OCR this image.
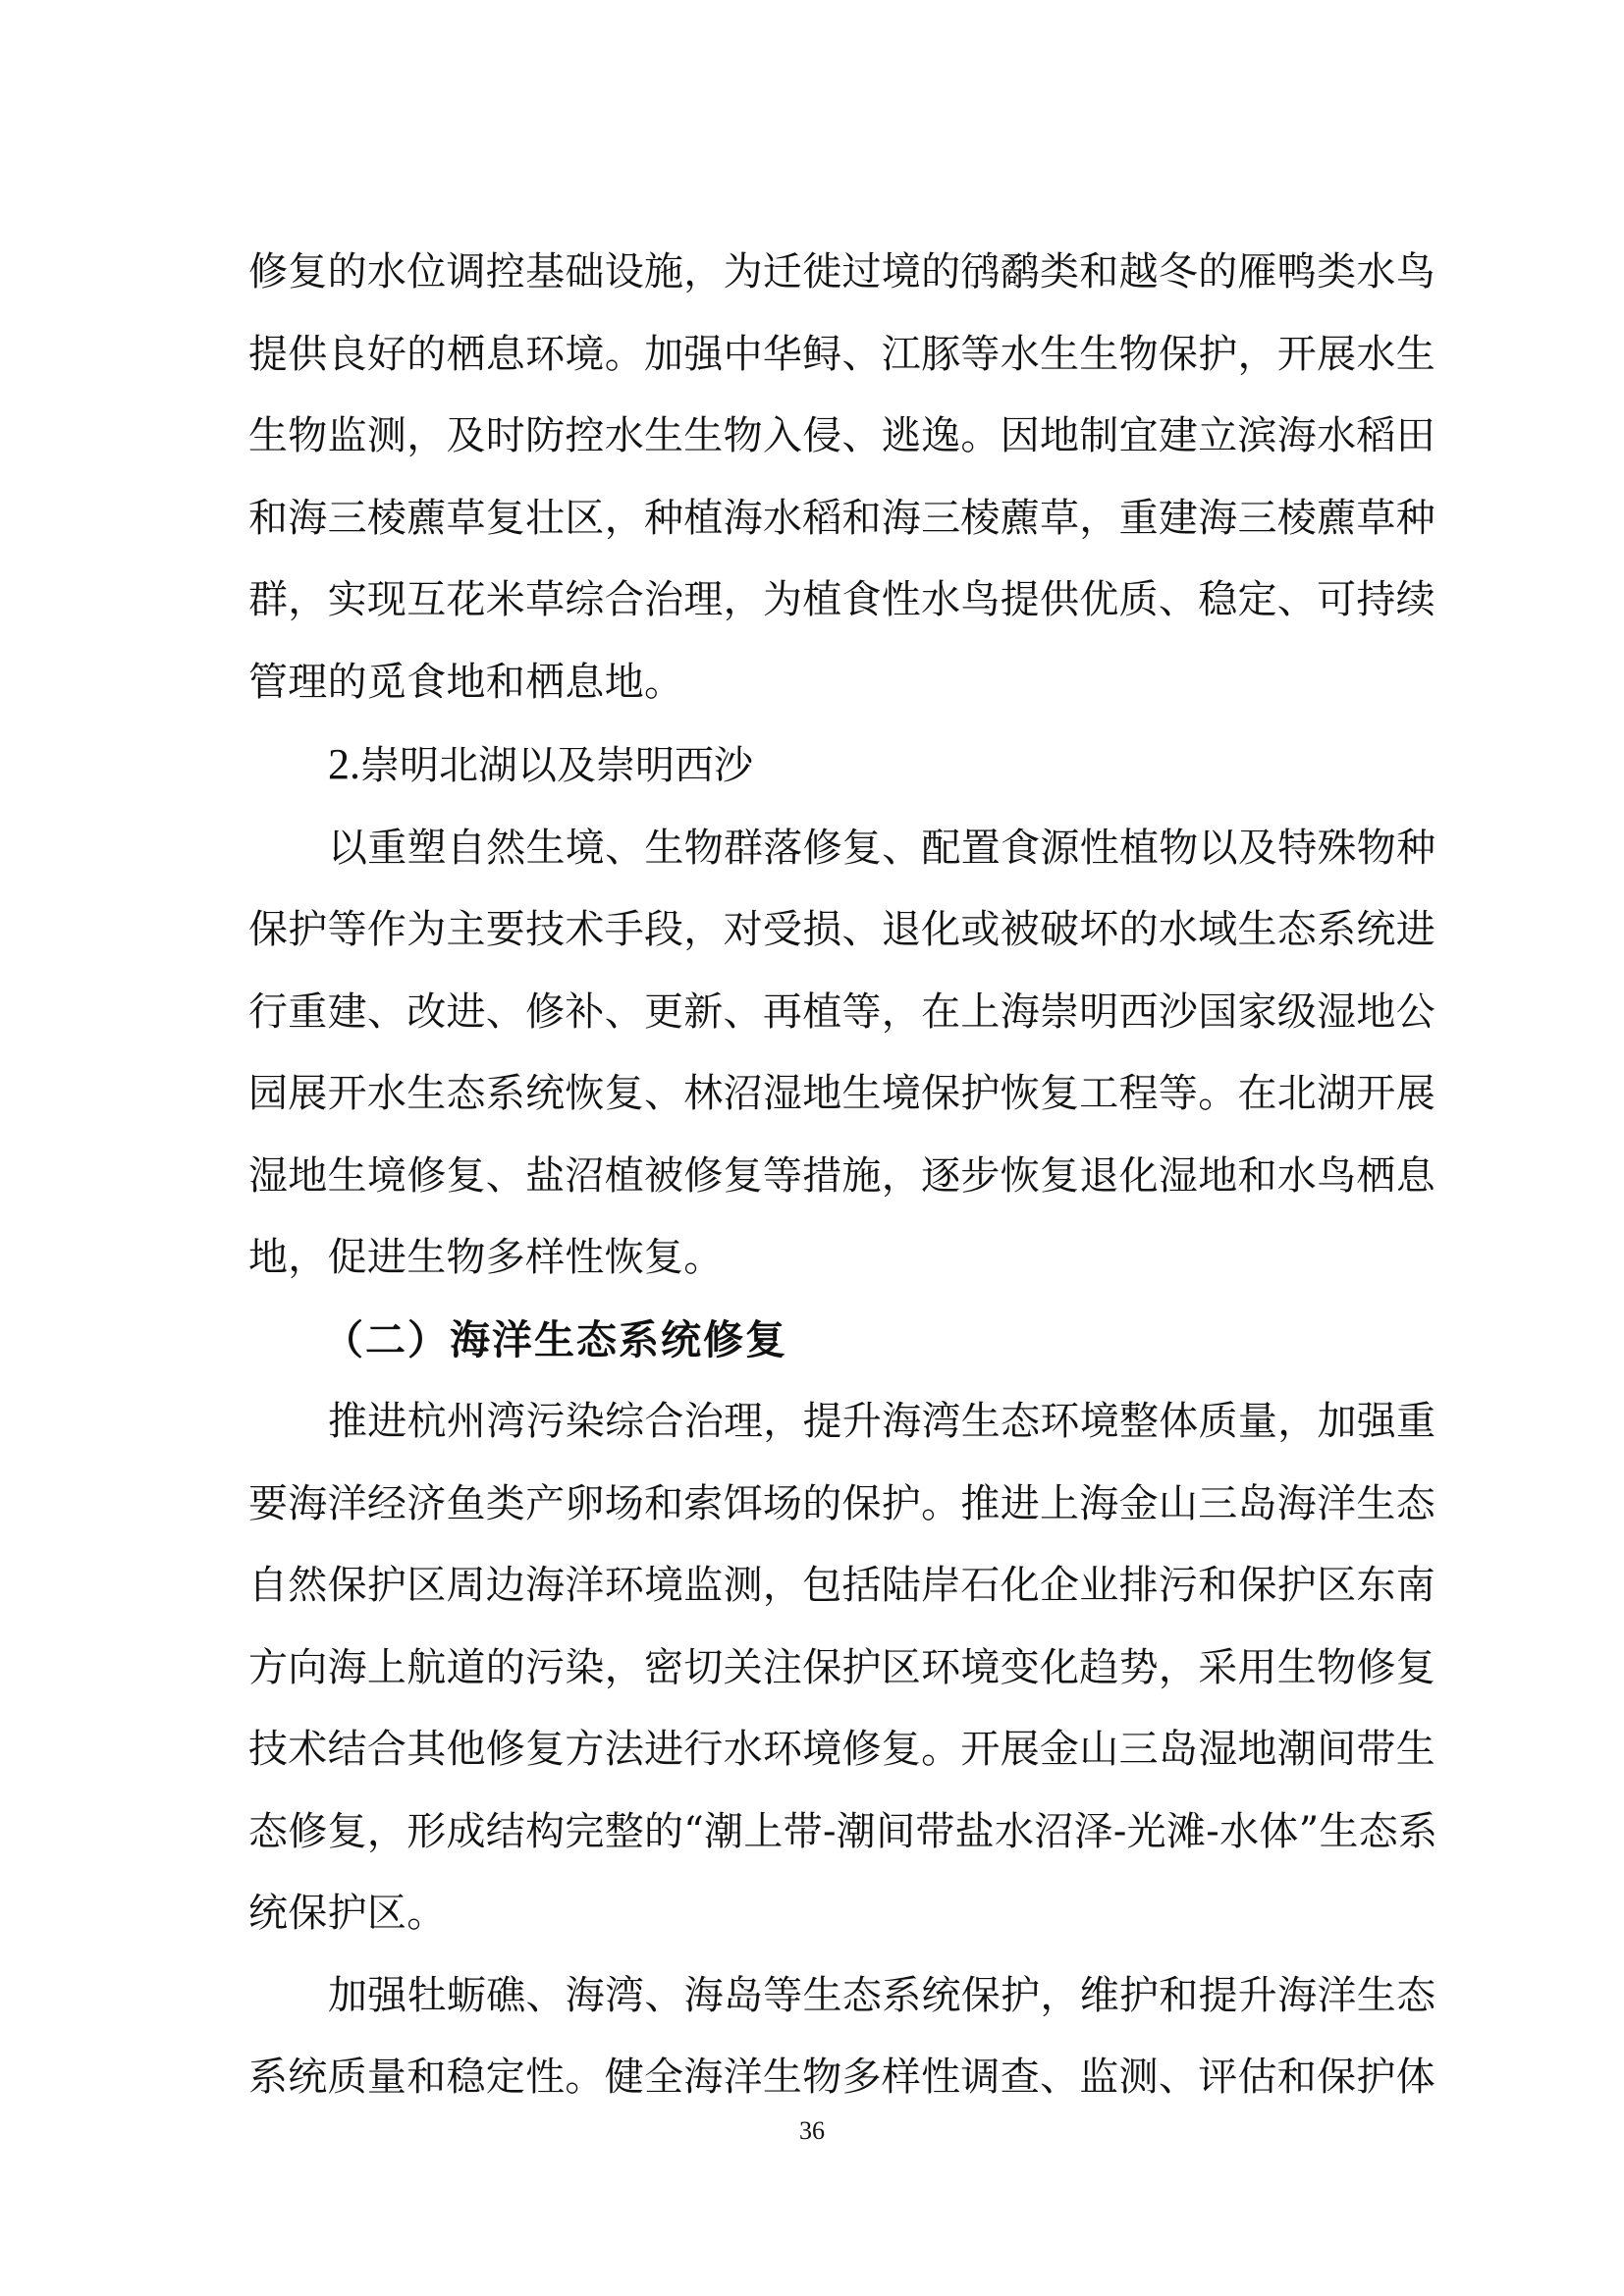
修复的水位调控基础设施，为迁徙过境的鸻鹬类和越冬的雁鸭类水鸟
提供良好的栖息环境。加强中华鲟、江豚等水生生物保护，开展水生
生物监测，及时防控水生生物入侵、逃逸。因地制宜建立滨海水稻田
和海三棱藨草复壮区，种植海水稻和海三棱藨草，重建海三棱藨草种
群，实现互花米草综合治理，为植食性水鸟提供优质、稳定、可持续
管理的觅食地和栖息地。
2.崇明北湖以及崇明西沙
以重塑自然生境、生物群落修复、配置食源性植物以及特殊物种
保护等作为主要技术手段，对受损、退化或被破坏的水域生态系统进
行重建、改进、修补、更新、再植等，在上海崇明西沙国家级湿地公
园展开水生态系统恢复、林沼湿地生境保护恢复工程等。在北湖开展
湿地生境修复、盐沼植被修复等措施，逐步恢复退化湿地和水鸟栖息
地，促进生物多样性恢复。
（二）海洋生态系统修复
推进杭州湾污染综合治理，提升海湾生态环境整体质量，加强重
要海洋经济鱼类产卵场和索饵场的保护。推进上海金山三岛海洋生态
自然保护区周边海洋环境监测，包括陆岸石化企业排污和保护区东南
方向海上航道的污染，密切关注保护区环境变化趋势，采用生物修复
技术结合其他修复方法进行水环境修复。开展金山三岛湿地潮间带生
态修复，形成结构完整的“潮上带-潮间带盐水沼泽-光滩-水体”生态系
统保护区。
加强牡蛎礁、海湾、海岛等生态系统保护，维护和提升海洋生态
系统质量和稳定性。健全海洋生物多样性调查、监测、评估和保护体
36
